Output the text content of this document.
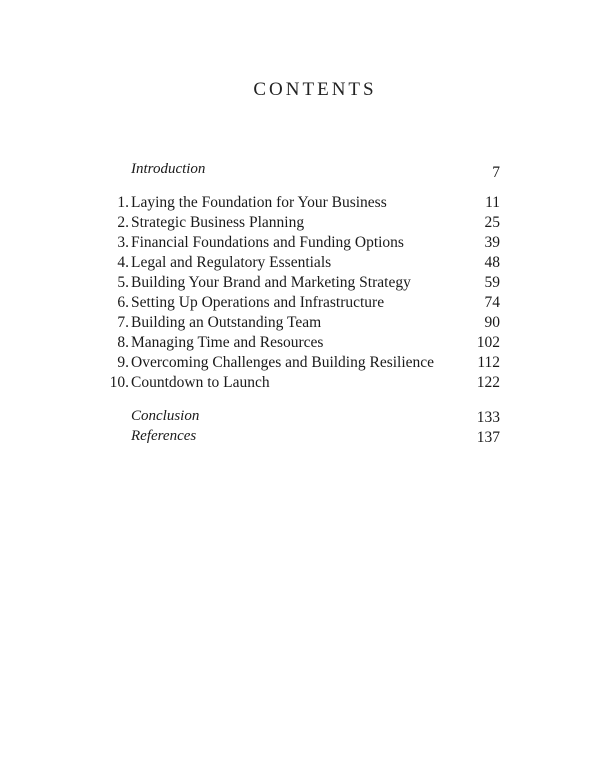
CONTENTS
Introduction	7
1. Laying the Foundation for Your Business	11
2. Strategic Business Planning	25
3. Financial Foundations and Funding Options	39
4. Legal and Regulatory Essentials	48
5. Building Your Brand and Marketing Strategy	59
6. Setting Up Operations and Infrastructure	74
7. Building an Outstanding Team	90
8. Managing Time and Resources	102
9. Overcoming Challenges and Building Resilience	112
10. Countdown to Launch	122
Conclusion	133
References	137
